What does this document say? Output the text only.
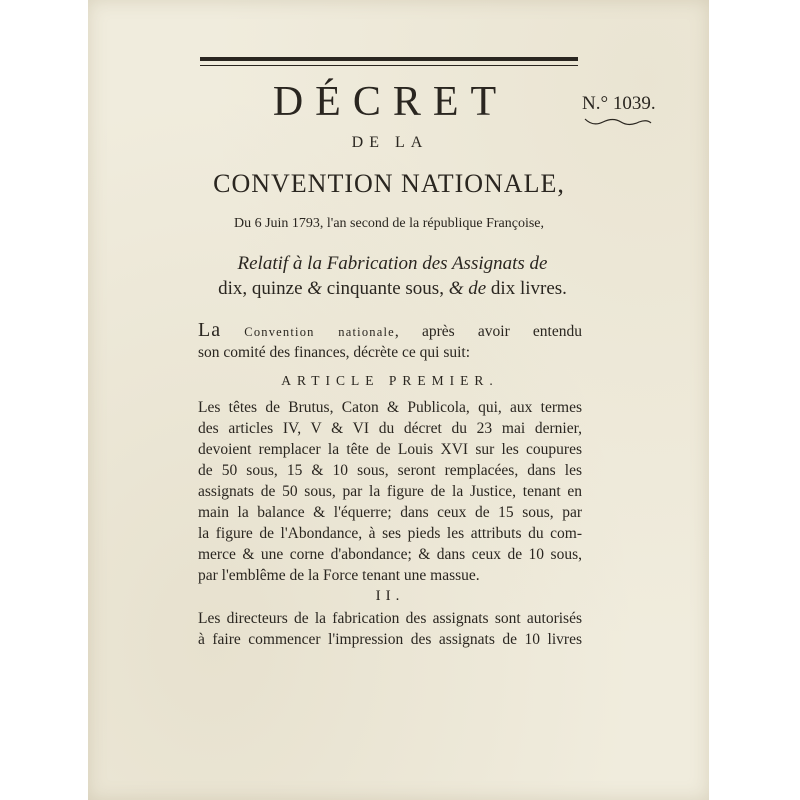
DÉCRET	N.° 1039.
DE LA
CONVENTION NATIONALE,
Du 6 Juin 1793, l'an second de la république Françoise,
Relatif à la Fabrication des Assignats de
dix, quinze & cinquante sous, & de dix livres.
La Convention nationale, après avoir entendu
son comité des finances, décrète ce qui suit:
ARTICLE PREMIER.
Les têtes de Brutus, Caton & Publicola, qui, aux termes
des articles IV, V & VI du décret du 23 mai dernier,
devoient remplacer la tête de Louis XVI sur les coupures
de 50 sous, 15 & 10 sous, seront remplacées, dans les
assignats de 50 sous, par la figure de la Justice, tenant en
main la balance & l'équerre; dans ceux de 15 sous, par
la figure de l'Abondance, à ses pieds les attributs du com-
merce & une corne d'abondance; & dans ceux de 10 sous,
par l'emblême de la Force tenant une massue.
II.
Les directeurs de la fabrication des assignats sont autorisés
à faire commencer l'impression des assignats de 10 livres
